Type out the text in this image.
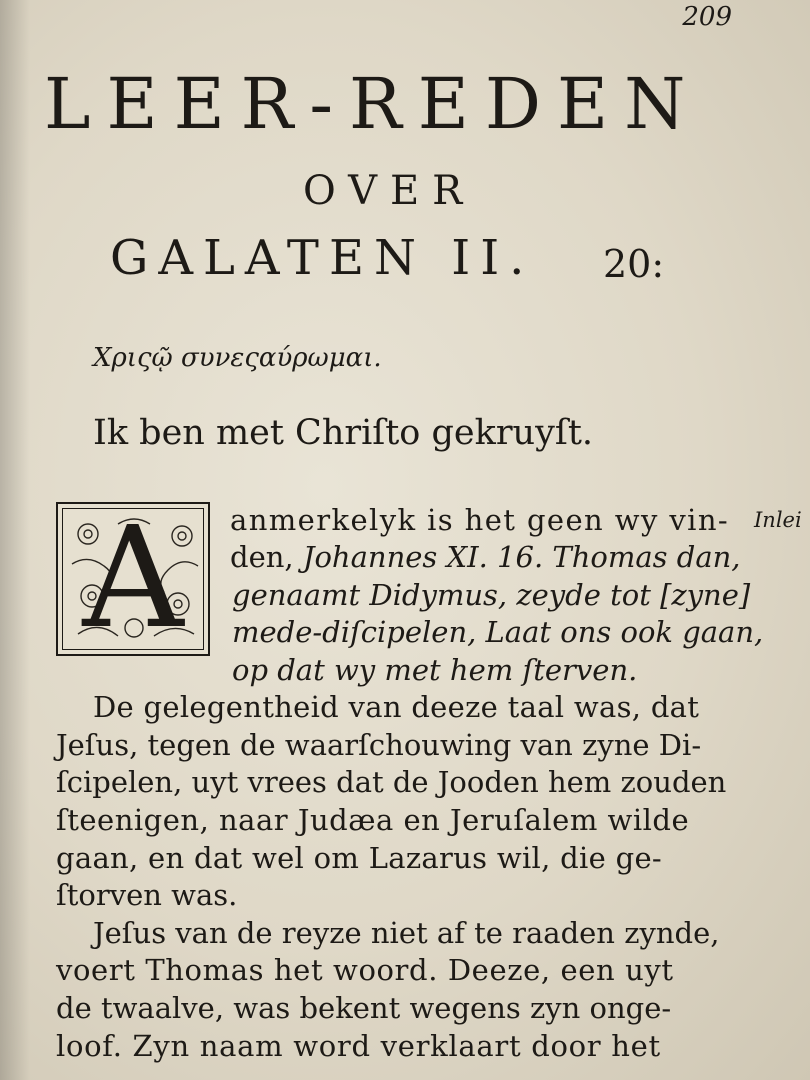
209
LEER-REDEN
OVER
GALATEN II. 20:
Χριςῷ συνεςαύρωμαι.
Ik ben met Chriſto gekruyſt.
A	Inlei
anmerkelyk is het geen wy vin-
den, Johannes XI. 16. Thomas dan,
genaamt Didymus, zeyde tot [zyne]
mede-diſcipelen, Laat ons ook gaan,
op dat wy met hem ſterven.
De gelegentheid van deeze taal was, dat
Jeſus, tegen de waarſchouwing van zyne Di-
ſcipelen, uyt vrees dat de Jooden hem zouden
ſteenigen, naar Judæa en Jeruſalem wilde
gaan, en dat wel om Lazarus wil, die ge-
ſtorven was.
Jeſus van de reyze niet af te raaden zynde,
voert Thomas het woord. Deeze, een uyt
de twaalve, was bekent wegens zyn onge-
loof. Zyn naam word verklaart door het
